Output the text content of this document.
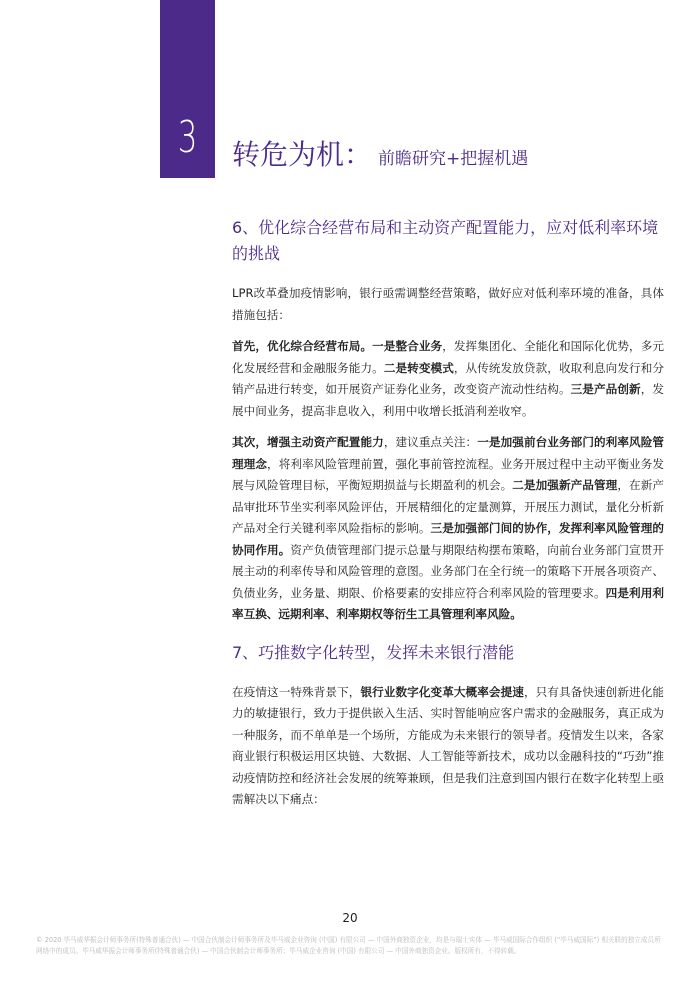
3	转危为机： 前瞻研究+把握机遇
6、优化综合经营布局和主动资产配置能力，应对低利率环境的挑战

LPR改革叠加疫情影响，银行亟需调整经营策略，做好应对低利率环境的准备，具体措施包括：

首先，优化综合经营布局。一是整合业务，发挥集团化、全能化和国际化优势，多元化发展经营和金融服务能力。二是转变模式，从传统发放贷款，收取利息向发行和分销产品进行转变，如开展资产证券化业务，改变资产流动性结构。三是产品创新，发展中间业务，提高非息收入，利用中收增长抵消利差收窄。

其次，增强主动资产配置能力，建议重点关注：一是加强前台业务部门的利率风险管理理念，将利率风险管理前置，强化事前管控流程。业务开展过程中主动平衡业务发展与风险管理目标，平衡短期损益与长期盈利的机会。二是加强新产品管理，在新产品审批环节坐实利率风险评估，开展精细化的定量测算，开展压力测试，量化分析新产品对全行关键利率风险指标的影响。三是加强部门间的协作，发挥利率风险管理的协同作用。资产负债管理部门提示总量与期限结构摆布策略，向前台业务部门宣贯开展主动的利率传导和风险管理的意图。业务部门在全行统一的策略下开展各项资产、负债业务，业务量、期限、价格要素的安排应符合利率风险的管理要求。四是利用利率互换、远期利率、利率期权等衍生工具管理利率风险。

7、巧推数字化转型，发挥未来银行潜能

在疫情这一特殊背景下，银行业数字化变革大概率会提速，只有具备快速创新进化能力的敏捷银行，致力于提供嵌入生活、实时智能响应客户需求的金融服务，真正成为一种服务，而不单单是一个场所，方能成为未来银行的领导者。疫情发生以来，各家商业银行积极运用区块链、大数据、人工智能等新技术，成功以金融科技的“巧劲”推动疫情防控和经济社会发展的统筹兼顾，但是我们注意到国内银行在数字化转型上亟需解决以下痛点：

20
© 2020 毕马威华振会计师事务所(特殊普通合伙) — 中国合伙制会计师事务所及毕马威企业咨询 (中国) 有限公司 — 中国外商独资企业，均是与瑞士实体 — 毕马威国际合作组织 (“毕马威国际”) 相关联的独立成员所网络中的成员。毕马威华振会计师事务所(特殊普通合伙) — 中国合伙制会计师事务所；毕马威企业咨询 (中国) 有限公司 — 中国外商独资企业。版权所有，不得转载。
